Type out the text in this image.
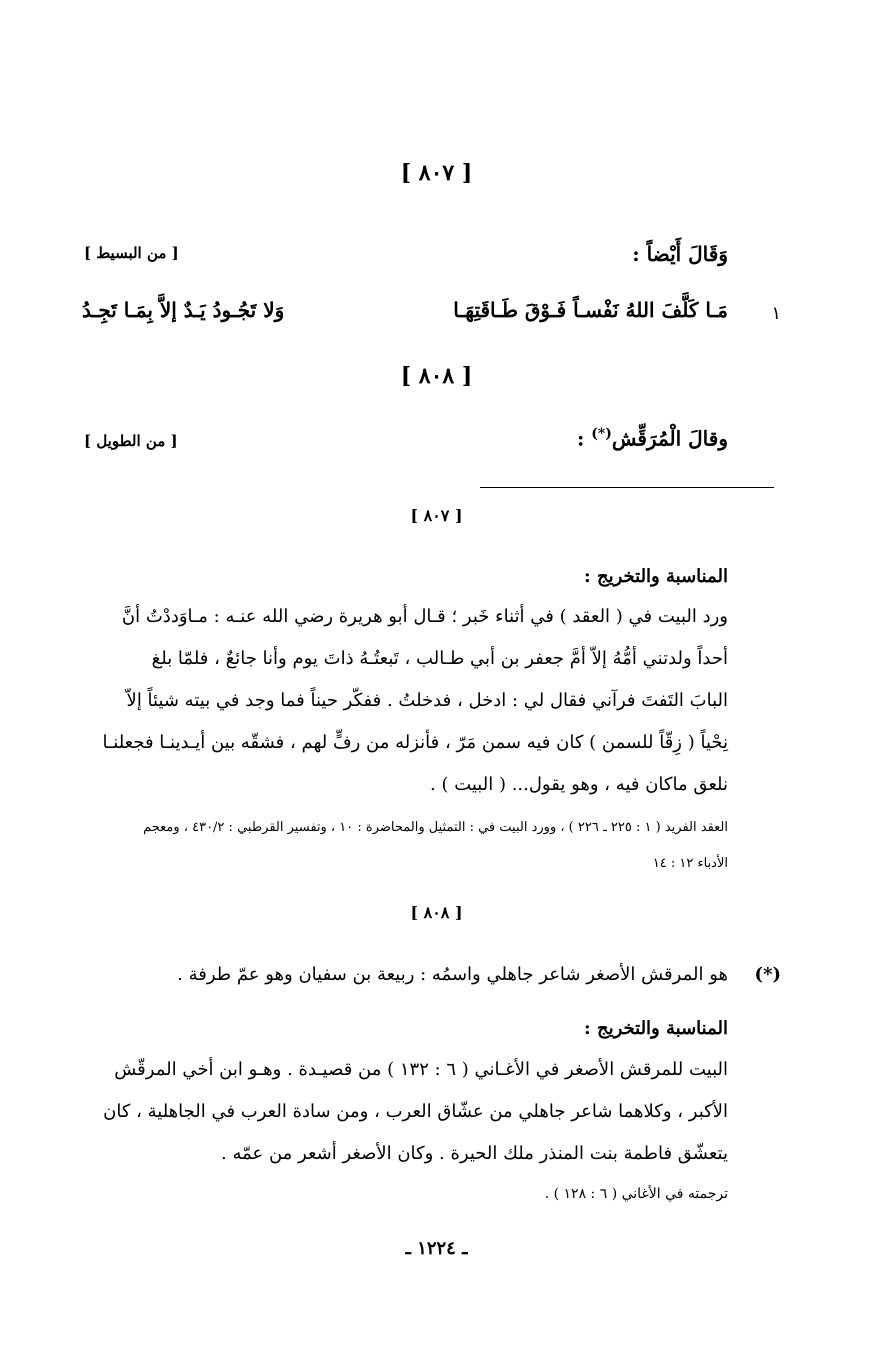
[ ٨٠٧ ]
وَقَالَ أَيْضاً :
[ من البسيط ]
١
مَـا كَلَّفَ اللهُ نَفْسـاً فَـوْقَ طَـاقَتِهَـا
وَلا تَجُـودُ يَـدٌ إلاَّ بِمَـا تَجِـدُ
[ ٨٠٨ ]
وقالَ الْمُرَقِّش(*) :
[ من الطويل ]
[ ٨٠٧ ]
المناسبة والتخريج :
ورد البيت في ( العقد ) في أثناء خَبر ؛ قـال أبو هريرة رضي الله عنـه : مـاوَددْتُ أنَّ
أحداً ولدتني أمُّهُ إلاّ أمَّ جعفر بن أبي طـالب ، تَبعتُـهُ ذاتَ يوم وأنا جائعٌ ، فلمّا بلغ
البابَ التَفتَ فرآني فقال لي : ادخل ، فدخلتُ . ففكّر حيناً فما وجد في بيته شيئاً إلاّ
نِحْياً ( زِقّاً للسمن ) كان فيه سمن مَرّ ، فأنزله من رفٍّ لهم ، فشقّه بين أيـدينـا فجعلنـا
نلعق ماكان فيه ، وهو يقول... ( البيت ) .
العقد الفريد ( ١ : ٢٢٥ ـ ٢٢٦ ) ، وورد البيت في : التمثيل والمحاضرة : ١٠ ، وتفسير القرطبي : ٤٣٠/٢ ، ومعجم
الأدباء ١٢ : ١٤
[ ٨٠٨ ]
(*)
هو المرقش الأصغر شاعر جاهلي واسمُه : ربيعة بن سفيان وهو عمّ طرفة .
المناسبة والتخريج :
البيت للمرقش الأصغر في الأغـاني ( ٦ : ١٣٢ ) من قصيـدة . وهـو ابن أخي المرقّش
الأكبر ، وكلاهما شاعر جاهلي من عشّاق العرب ، ومن سادة العرب في الجاهلية ، كان
يتعشّق فاطمة بنت المنذر ملك الحيرة . وكان الأصغر أشعر من عمّه .
ترجمته في الأغاني ( ٦ : ١٢٨ ) .
ـ ١٢٢٤ ـ
